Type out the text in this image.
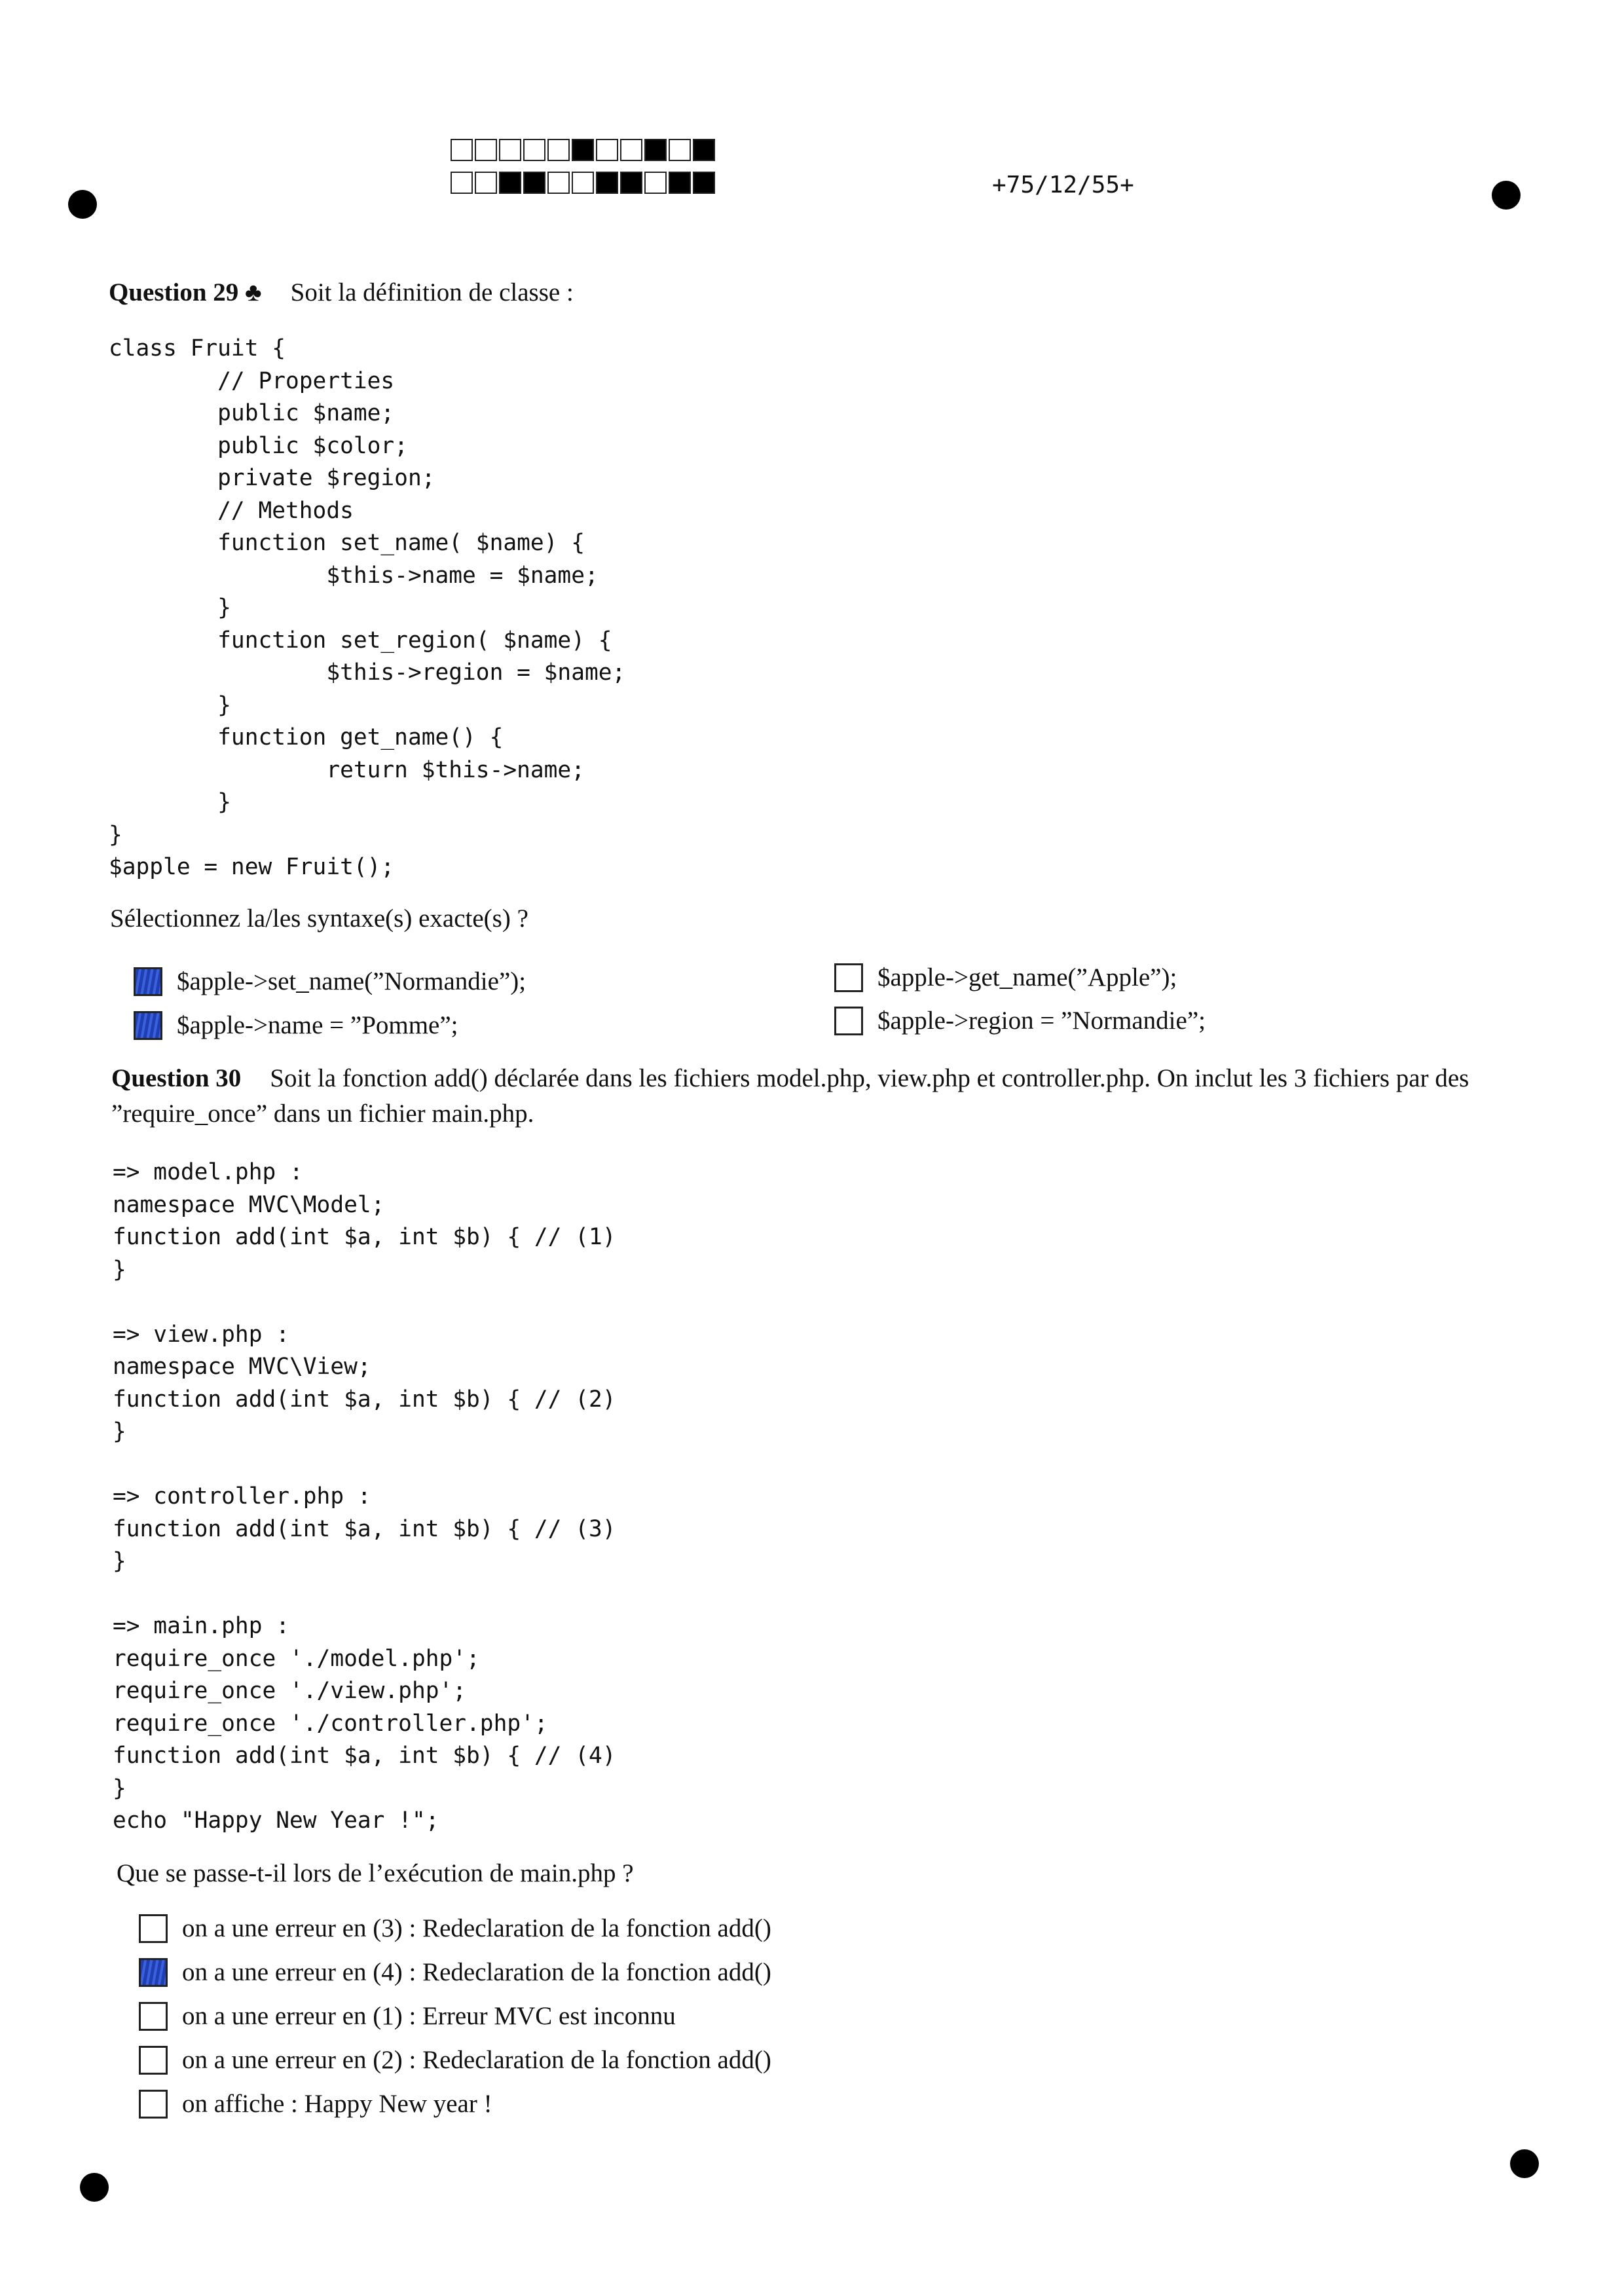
+75/12/55+
Question 29 ♣ Soit la définition de classe :
class Fruit {
// Properties
public $name;
public $color;
private $region;
// Methods
function set_name( $name) {
$this->name = $name;
}
function set_region( $name) {
$this->region = $name;
}
function get_name() {
return $this->name;
}
}
$apple = new Fruit();
Sélectionnez la/les syntaxe(s) exacte(s) ?
$apple->set_name(”Normandie”);
$apple->name = ”Pomme”;
$apple->get_name(”Apple”);
$apple->region = ”Normandie”;
Question 30 Soit la fonction add() déclarée dans les fichiers model.php, view.php et controller.php. On inclut les 3 fichiers par des ”require_once” dans un fichier main.php.
=> model.php :
namespace MVC\Model;
function add(int $a, int $b) { // (1)
}

=> view.php :
namespace MVC\View;
function add(int $a, int $b) { // (2)
}

=> controller.php :
function add(int $a, int $b) { // (3)
}

=> main.php :
require_once './model.php';
require_once './view.php';
require_once './controller.php';
function add(int $a, int $b) { // (4)
}
echo "Happy New Year !";
Que se passe-t-il lors de l’exécution de main.php ?
on a une erreur en (3) : Redeclaration de la fonction add()
on a une erreur en (4) : Redeclaration de la fonction add()
on a une erreur en (1) : Erreur MVC est inconnu
on a une erreur en (2) : Redeclaration de la fonction add()
on affiche : Happy New year !
